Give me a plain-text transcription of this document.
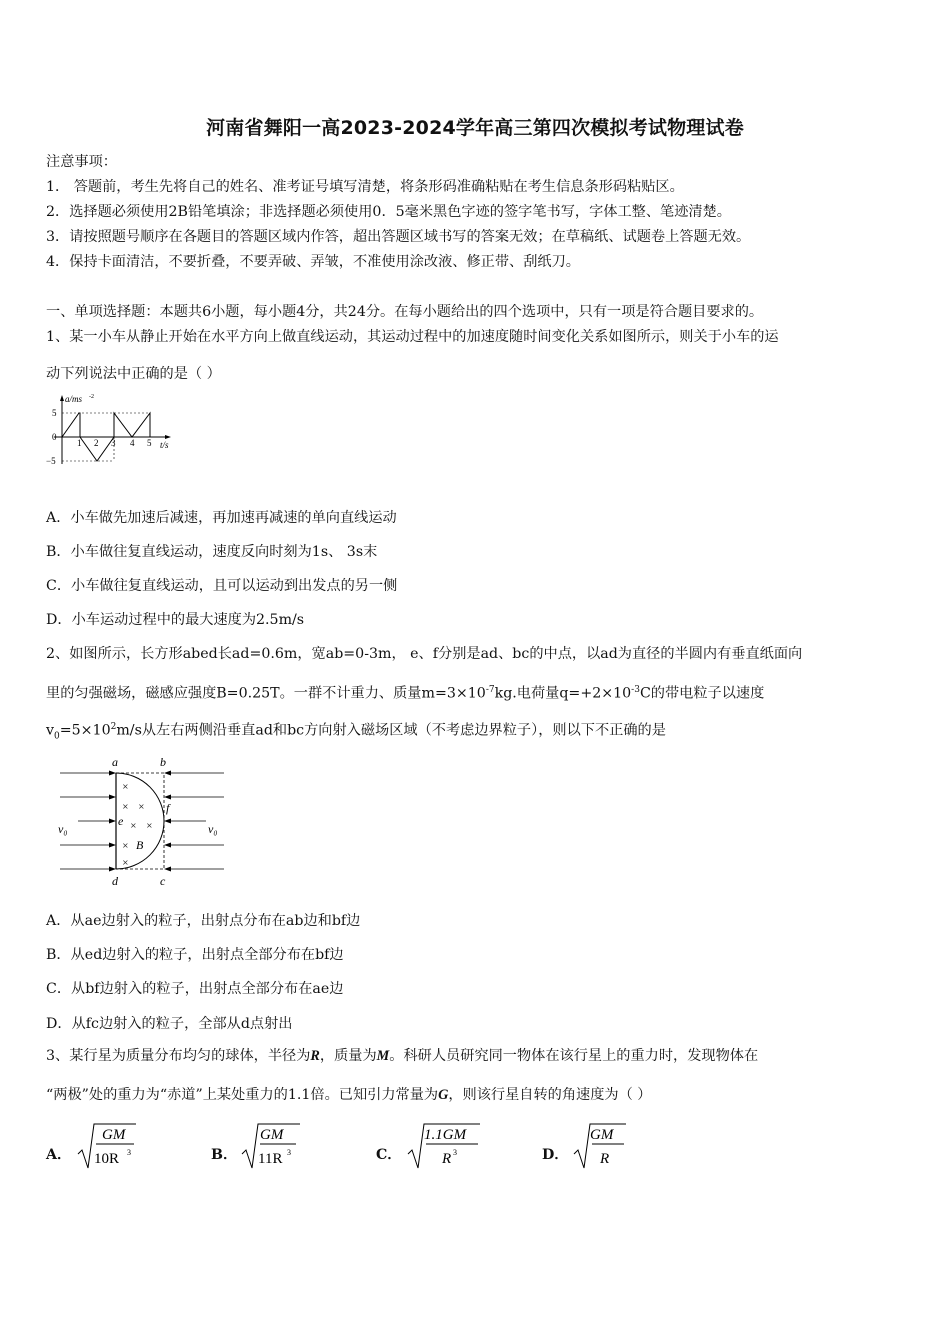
河南省舞阳一高2023-2024学年高三第四次模拟考试物理试卷
注意事项：
1． 答题前，考生先将自己的姓名、准考证号填写清楚，将条形码准确粘贴在考生信息条形码粘贴区。
2．选择题必须使用2B铅笔填涂；非选择题必须使用0．5毫米黑色字迹的签字笔书写，字体工整、笔迹清楚。
3．请按照题号顺序在各题目的答题区域内作答，超出答题区域书写的答案无效；在草稿纸、试题卷上答题无效。
4．保持卡面清洁，不要折叠，不要弄破、弄皱，不准使用涂改液、修正带、刮纸刀。
一、单项选择题：本题共6小题，每小题4分，共24分。在每小题给出的四个选项中，只有一项是符合题目要求的。
1、某一小车从静止开始在水平方向上做直线运动，其运动过程中的加速度随时间变化关系如图所示，则关于小车的运
动下列说法中正确的是（ ）
a/ms -2
t/s
5
0
−5
1 2 3 4 5
A．小车做先加速后减速，再加速再减速的单向直线运动
B．小车做往复直线运动，速度反向时刻为1s、 3s末
C．小车做往复直线运动，且可以运动到出发点的另一侧
D．小车运动过程中的最大速度为2.5m/s
2、如图所示，长方形abed长ad=0.6m，宽ab=0-3m， e、f分别是ad、bc的中点，以ad为直径的半圆内有垂直纸面向
里的匀强磁场，磁感应强度B=0.25T。一群不计重力、质量$m=3\times 10^{-7}kg$.电荷量$q=+2\times 10^{-3}C$的带电粒子以速度
$v_0=5\times 10^2m/s$从左右两侧沿垂直ad和bc方向射入磁场区域（不考虑边界粒子），则以下不正确的是
×
× ×
× ×
×
×
a	b
c
d
e
f
B
v₀	v₀
A．从ae边射入的粒子，出射点分布在ab边和bf边
B．从ed边射入的粒子，出射点全部分布在bf边
C．从bf边射入的粒子，出射点全部分布在ae边
D．从fc边射入的粒子，全部从d点射出
3、某行星为质量分布均匀的球体，半径为R，质量为M。科研人员研究同一物体在该行星上的重力时，发现物体在
“两极”处的重力为“赤道”上某处重力的1.1倍。已知引力常量为G，则该行星自转的角速度为（ ）
A．
GM
10R 3	B．
GM
11R 3	C．
1.1GM
R 3	D．
GM
R
